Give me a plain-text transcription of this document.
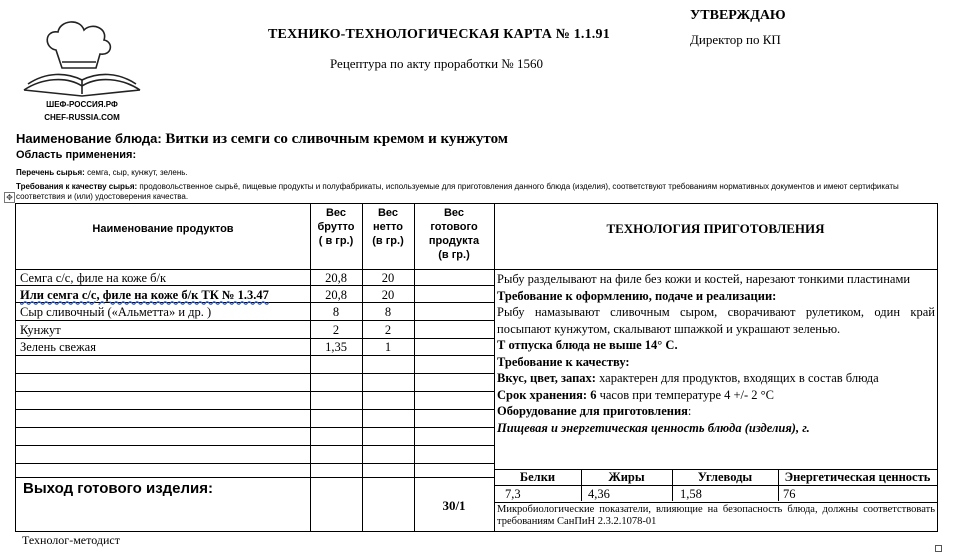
ШЕФ-РОССИЯ.РФ
CHEF-RUSSIA.COM
ТЕХНИКО-ТЕХНОЛОГИЧЕСКАЯ КАРТА № 1.1.91
Рецептура по акту проработки № 1560
УТВЕРЖДАЮ
Директор по КП
Наименование блюда: Витки из семги со сливочным кремом и кунжутом
Область применения:
Перечень сырья: семга, сыр, кунжут, зелень.
Требования к качеству сырья: продовольственное сырьё, пищевые продукты и полуфабрикаты, используемые для приготовления данного блюда (изделия), соответствуют требованиям нормативных документов и имеют сертификаты соответствия и (или) удостоверения качества.
✥
Наименование продуктов
Вес
брутто
( в гр.)
Вес
нетто
(в гр.)
Вес
готового
продукта
(в гр.)
ТЕХНОЛОГИЯ ПРИГОТОВЛЕНИЯ
Семга с/с, филе на коже б/к	20,8	20
Или семга с/с, филе на коже б/к ТК № 1.3.47	20,8	20
Сыр сливочный («Альметта» и др. )	8	8
Кунжут	2	2
Зелень свежая	1,35	1
Выход готового изделия:
30/1
Рыбу разделывают на филе без кожи и костей, нарезают тонкими пластинами
Требование к оформлению, подаче и реализации:
Рыбу намазывают сливочным сыром, сворачивают рулетиком, один край посыпают кунжутом, скалывают шпажкой и украшают зеленью.
Т отпуска блюда не выше 14° С.
Требование к качеству:
Вкус, цвет, запах: характерен для продуктов, входящих в состав блюда
Срок хранения: 6 часов при температуре 4 +/- 2 °С
Оборудование для приготовления:
Пищевая и энергетическая ценность блюда (изделия), г.
Белки	Жиры	Углеводы	Энергетическая ценность
7,3	4,36	1,58	76
Микробиологические показатели, влияющие на безопасность блюда, должны соответствовать требованиям СанПиН 2.3.2.1078-01
Технолог-методист
